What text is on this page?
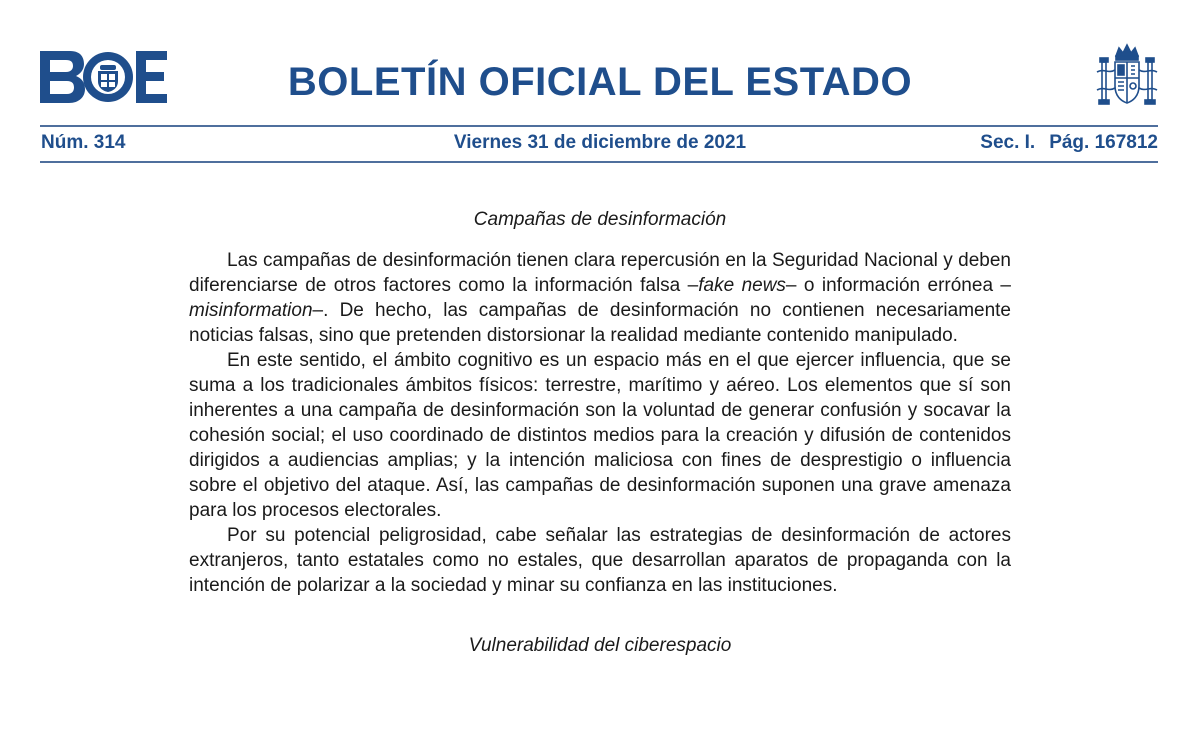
BOLETÍN OFICIAL DEL ESTADO
Núm. 314	Viernes 31 de diciembre de 2021	Sec. I. Pág. 167812

Campañas de desinformación

Las campañas de desinformación tienen clara repercusión en la Seguridad Nacional y deben diferenciarse de otros factores como la información falsa –fake news– o información errónea –misinformation–. De hecho, las campañas de desinformación no contienen necesariamente noticias falsas, sino que pretenden distorsionar la realidad mediante contenido manipulado.

En este sentido, el ámbito cognitivo es un espacio más en el que ejercer influencia, que se suma a los tradicionales ámbitos físicos: terrestre, marítimo y aéreo. Los elementos que sí son inherentes a una campaña de desinformación son la voluntad de generar confusión y socavar la cohesión social; el uso coordinado de distintos medios para la creación y difusión de contenidos dirigidos a audiencias amplias; y la intención maliciosa con fines de desprestigio o influencia sobre el objetivo del ataque. Así, las campañas de desinformación suponen una grave amenaza para los procesos electorales.

Por su potencial peligrosidad, cabe señalar las estrategias de desinformación de actores extranjeros, tanto estatales como no estales, que desarrollan aparatos de propaganda con la intención de polarizar a la sociedad y minar su confianza en las instituciones.

Vulnerabilidad del ciberespacio
